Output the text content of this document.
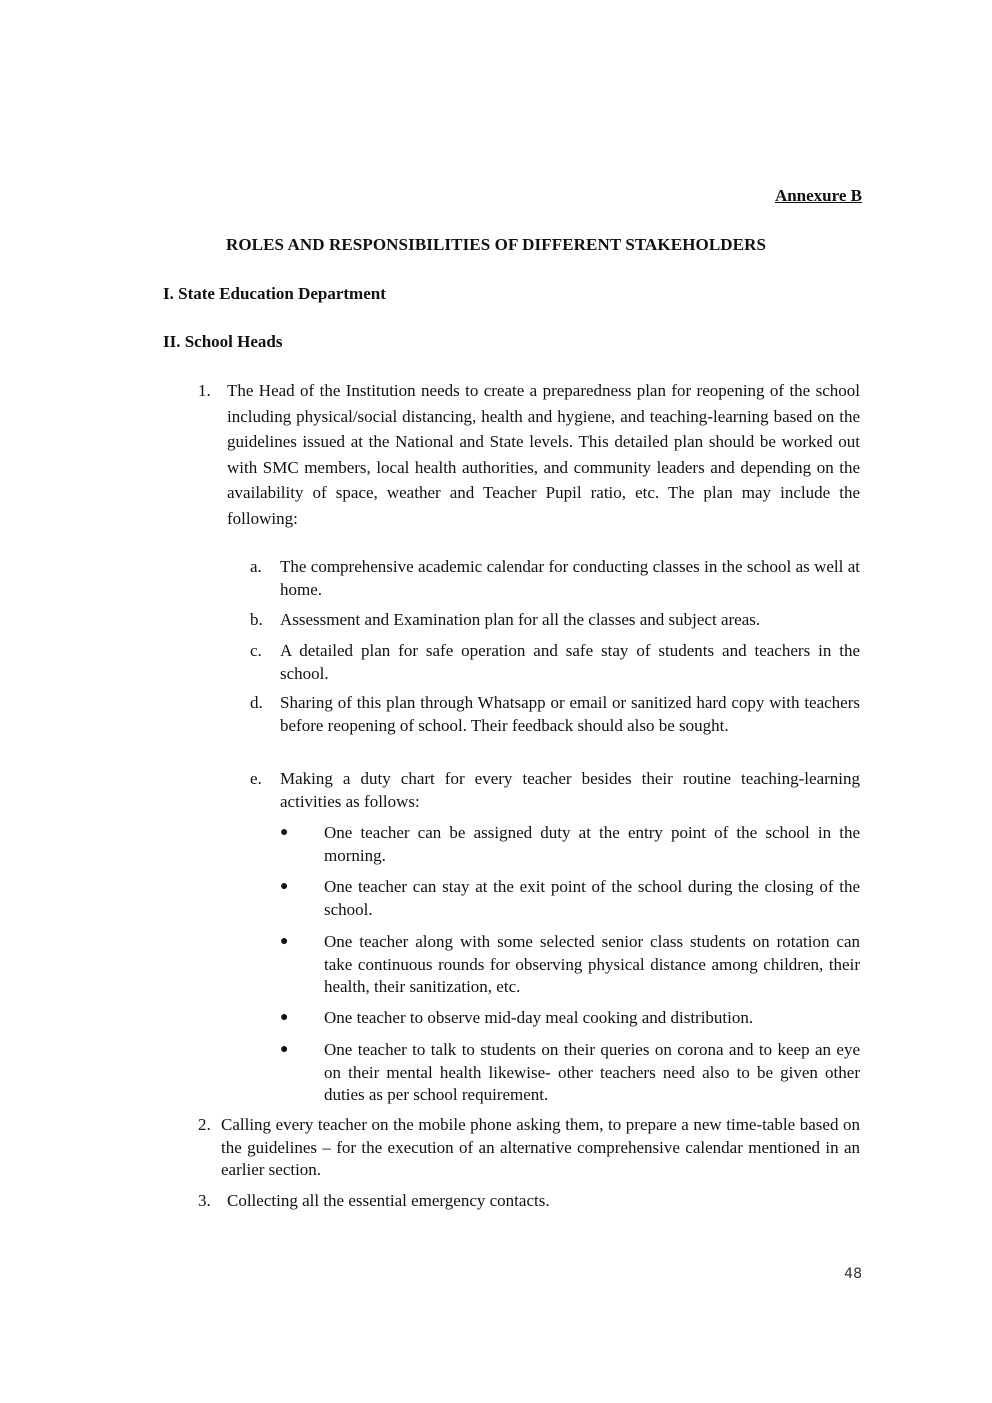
Annexure B
ROLES AND RESPONSIBILITIES OF DIFFERENT STAKEHOLDERS
I. State Education Department
II. School Heads
1. The Head of the Institution needs to create a preparedness plan for reopening of the school including physical/social distancing, health and hygiene, and teaching-learning based on the guidelines issued at the National and State levels. This detailed plan should be worked out with SMC members, local health authorities, and community leaders and depending on the availability of space, weather and Teacher Pupil ratio, etc. The plan may include the following:
a. The comprehensive academic calendar for conducting classes in the school as well at home.
b. Assessment and Examination plan for all the classes and subject areas.
c. A detailed plan for safe operation and safe stay of students and teachers in the school.
d. Sharing of this plan through Whatsapp or email or sanitized hard copy with teachers before reopening of school. Their feedback should also be sought.
e. Making a duty chart for every teacher besides their routine teaching-learning activities as follows:
● One teacher can be assigned duty at the entry point of the school in the morning.
● One teacher can stay at the exit point of the school during the closing of the school.
● One teacher along with some selected senior class students on rotation can take continuous rounds for observing physical distance among children, their health, their sanitization, etc.
● One teacher to observe mid-day meal cooking and distribution.
● One teacher to talk to students on their queries on corona and to keep an eye on their mental health likewise- other teachers need also to be given other duties as per school requirement.
2. Calling every teacher on the mobile phone asking them, to prepare a new time-table based on the guidelines – for the execution of an alternative comprehensive calendar mentioned in an earlier section.
3. Collecting all the essential emergency contacts.
48
